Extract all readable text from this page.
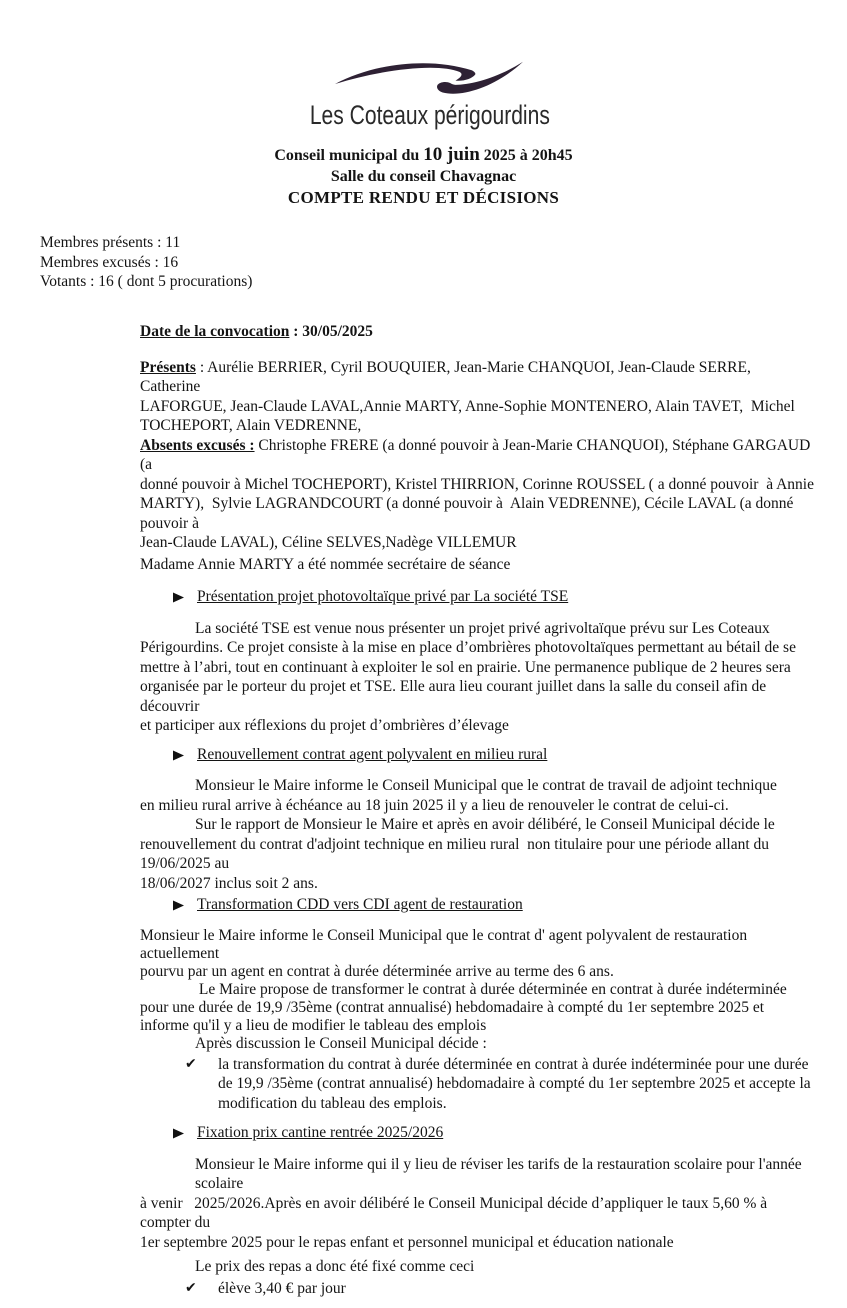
Les Coteaux périgourdins
Conseil municipal du 10 juin 2025 à 20h45
Salle du conseil Chavagnac
COMPTE RENDU ET DÉCISIONS
Membres présents : 11
Membres excusés : 16
Votants : 16 ( dont 5 procurations)
Date de la convocation : 30/05/2025
Présents : Aurélie BERRIER, Cyril BOUQUIER, Jean-Marie CHANQUOI, Jean-Claude SERRE,   Catherine
LAFORGUE, Jean-Claude LAVAL,Annie MARTY, Anne-Sophie MONTENERO, Alain TAVET,  Michel
TOCHEPORT, Alain VEDRENNE,
Absents excusés : Christophe FRERE (a donné pouvoir à Jean-Marie CHANQUOI), Stéphane GARGAUD  (a
donné pouvoir à Michel TOCHEPORT), Kristel THIRRION, Corinne ROUSSEL ( a donné pouvoir  à Annie
MARTY),  Sylvie LAGRANDCOURT (a donné pouvoir à  Alain VEDRENNE), Cécile LAVAL (a donné pouvoir à
Jean-Claude LAVAL), Céline SELVES,Nadège VILLEMUR
Madame Annie MARTY a été nommée secrétaire de séance
Présentation projet photovoltaïque privé par La société TSE
La société TSE est venue nous présenter un projet privé agrivoltaïque prévu sur Les Coteaux
Périgourdins. Ce projet consiste à la mise en place d’ombrières photovoltaïques permettant au bétail de se
mettre à l’abri, tout en continuant à exploiter le sol en prairie. Une permanence publique de 2 heures sera
organisée par le porteur du projet et TSE. Elle aura lieu courant juillet dans la salle du conseil afin de découvrir
et participer aux réflexions du projet d’ombrières d’élevage
Renouvellement contrat agent polyvalent en milieu rural
Monsieur le Maire informe le Conseil Municipal que le contrat de travail de adjoint technique
en milieu rural arrive à échéance au 18 juin 2025 il y a lieu de renouveler le contrat de celui-ci.
Sur le rapport de Monsieur le Maire et après en avoir délibéré, le Conseil Municipal décide le
renouvellement du contrat d'adjoint technique en milieu rural  non titulaire pour une période allant du 19/06/2025 au
18/06/2027 inclus soit 2 ans.
Transformation CDD vers CDI agent de restauration
Monsieur le Maire informe le Conseil Municipal que le contrat d' agent polyvalent de restauration actuellement
pourvu par un agent en contrat à durée déterminée arrive au terme des 6 ans.
Le Maire propose de transformer le contrat à durée déterminée en contrat à durée indéterminée
pour une durée de 19,9 /35ème (contrat annualisé) hebdomadaire à compté du 1er septembre 2025 et
informe qu'il y a lieu de modifier le tableau des emplois
Après discussion le Conseil Municipal décide :
✔	la transformation du contrat à durée déterminée en contrat à durée indéterminée pour une durée de 19,9 /35ème (contrat annualisé) hebdomadaire à compté du 1er septembre 2025 et accepte la modification du tableau des emplois.
Fixation prix cantine rentrée 2025/2026
Monsieur le Maire informe qui il y lieu de réviser les tarifs de la restauration scolaire pour l'année scolaire
à venir   2025/2026.Après en avoir délibéré le Conseil Municipal décide d’appliquer le taux 5,60 % à compter du
1er septembre 2025 pour le repas enfant et personnel municipal et éducation nationale
Le prix des repas a donc été fixé comme ceci
✔	élève 3,40 € par jour
